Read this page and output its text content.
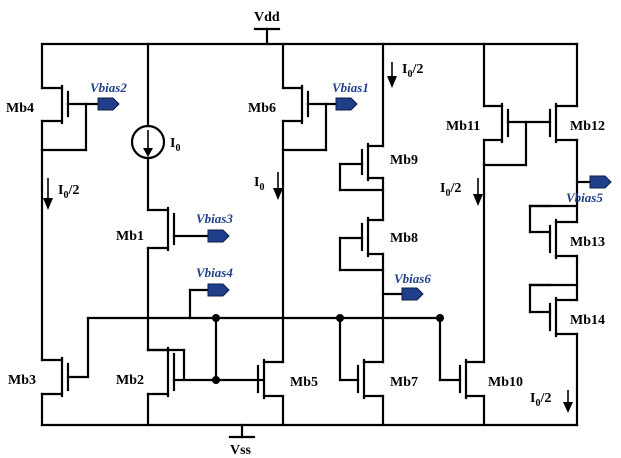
Vdd
Vss
Vbias2
Mb4
$I_0/2$
Mb3
$I_0$
Vbias3
Mb1
Vbias4
Mb2
Vbias1
Mb6
$I_0$
Mb5
$I_0/2$
Mb9
Mb8
Vbias6
Mb7
Mb11
$I_0/2$
Mb10
Mb12
Vbias5
Mb13
Mb14
$I_0/2$
